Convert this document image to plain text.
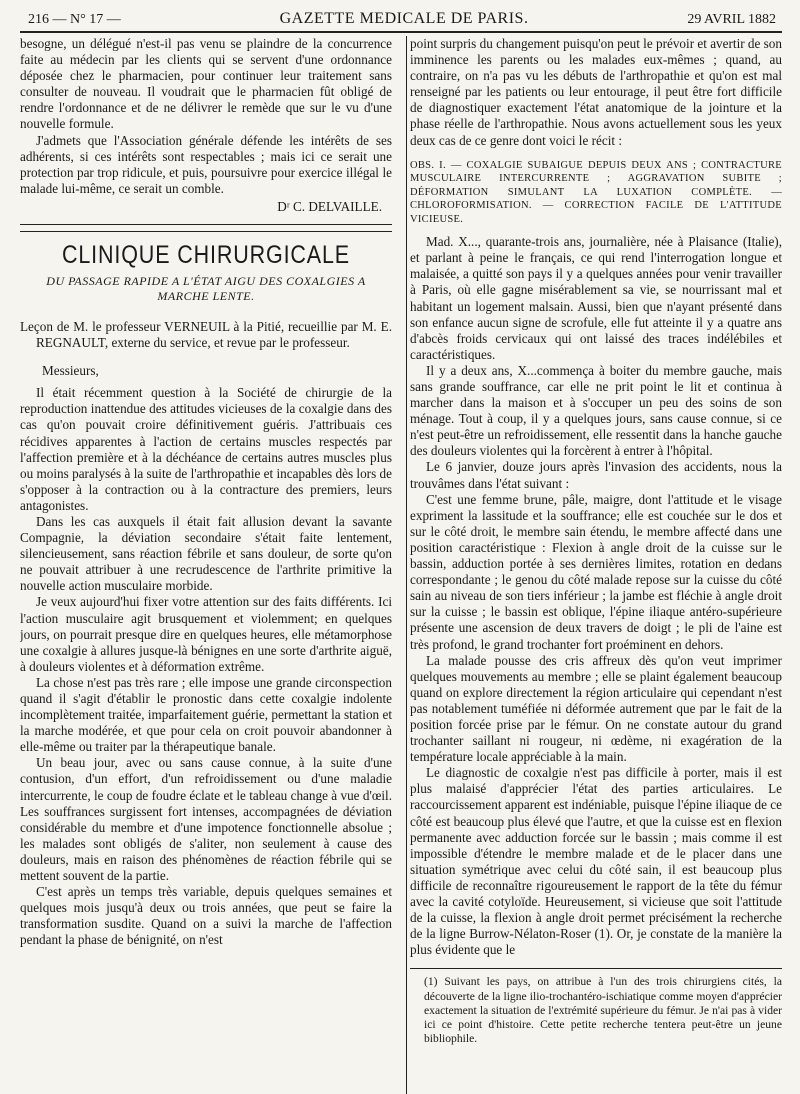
216 — N° 17 —	GAZETTE MEDICALE DE PARIS.	29 AVRIL 1882

besogne, un délégué n'est-il pas venu se plaindre de la concurrence faite au médecin par les clients qui se servent d'une ordonnance déposée chez le pharmacien, pour continuer leur traitement sans consulter de nouveau. Il voudrait que le pharmacien fût obligé de rendre l'ordonnance et de ne délivrer le remède que sur le vu d'une nouvelle formule.

J'admets que l'Association générale défende les intérêts de ses adhérents, si ces intérêts sont respectables ; mais ici ce serait une protection par trop ridicule, et puis, poursuivre pour exercice illégal le malade lui-même, ce serait un comble.

Dʳ C. DELVAILLE.
CLINIQUE CHIRURGICALE
DU PASSAGE RAPIDE A L'ÉTAT AIGU DES COXALGIES A MARCHE LENTE.
Leçon de M. le professeur VERNEUIL à la Pitié, recueillie par M. E. REGNAULT, externe du service, et revue par le professeur.

Messieurs,

Il était récemment question à la Société de chirurgie de la reproduction inattendue des attitudes vicieuses de la coxalgie dans des cas qu'on pouvait croire définitivement guéris. J'attribuais ces récidives apparentes à l'action de certains muscles respectés par l'affection première et à la déchéance de certains autres muscles plus ou moins paralysés à la suite de l'arthropathie et incapables dès lors de s'opposer à la contraction ou à la contracture des premiers, leurs antagonistes.

Dans les cas auxquels il était fait allusion devant la savante Compagnie, la déviation secondaire s'était faite lentement, silencieusement, sans réaction fébrile et sans douleur, de sorte qu'on ne pouvait attribuer à une recrudescence de l'arthrite primitive la nouvelle action musculaire morbide.

Je veux aujourd'hui fixer votre attention sur des faits différents. Ici l'action musculaire agit brusquement et violemment; en quelques jours, on pourrait presque dire en quelques heures, elle métamorphose une coxalgie à allures jusque-là bénignes en une sorte d'arthrite aiguë, à douleurs violentes et à déformation extrême.

La chose n'est pas très rare ; elle impose une grande circonspection quand il s'agit d'établir le pronostic dans cette coxalgie indolente incomplètement traitée, imparfaitement guérie, permettant la station et la marche modérée, et que pour cela on croit pouvoir abandonner à elle-même ou traiter par la thérapeutique banale.

Un beau jour, avec ou sans cause connue, à la suite d'une contusion, d'un effort, d'un refroidissement ou d'une maladie intercurrente, le coup de foudre éclate et le tableau change à vue d'œil. Les souffrances surgissent fort intenses, accompagnées de déviation considérable du membre et d'une impotence fonctionnelle absolue ; les malades sont obligés de s'aliter, non seulement à cause des douleurs, mais en raison des phénomènes de réaction fébrile qui se mettent souvent de la partie.

C'est après un temps très variable, depuis quelques semaines et quelques mois jusqu'à deux ou trois années, que peut se faire la transformation susdite. Quand on a suivi la marche de l'affection pendant la phase de bénignité, on n'est

point surpris du changement puisqu'on peut le prévoir et avertir de son imminence les parents ou les malades eux-mêmes ; quand, au contraire, on n'a pas vu les débuts de l'arthropathie et qu'on est mal renseigné par les patients ou leur entourage, il peut être fort difficile de diagnostiquer exactement l'état anatomique de la jointure et la phase réelle de l'arthropathie. Nous avons actuellement sous les yeux deux cas de ce genre dont voici le récit :

OBS. I. — COXALGIE SUBAIGUE DEPUIS DEUX ANS ; CONTRACTURE MUSCULAIRE INTERCURRENTE ; AGGRAVATION SUBITE ; DÉFORMATION SIMULANT LA LUXATION COMPLÈTE. — CHLOROFORMISATION. — CORRECTION FACILE DE L'ATTITUDE VICIEUSE.

Mad. X..., quarante-trois ans, journalière, née à Plaisance (Italie), et parlant à peine le français, ce qui rend l'interrogation longue et malaisée, a quitté son pays il y a quelques années pour venir travailler à Paris, où elle gagne misérablement sa vie, se nourrissant mal et habitant un logement malsain. Aussi, bien que n'ayant présenté dans son enfance aucun signe de scrofule, elle fut atteinte il y a quatre ans d'abcès froids cervicaux qui ont laissé des traces indélébiles et caractéristiques.

Il y a deux ans, X...commença à boiter du membre gauche, mais sans grande souffrance, car elle ne prit point le lit et continua à marcher dans la maison et à s'occuper un peu des soins de son ménage. Tout à coup, il y a quelques jours, sans cause connue, si ce n'est peut-être un refroidissement, elle ressentit dans la hanche gauche des douleurs violentes qui la forcèrent à entrer à l'hôpital.

Le 6 janvier, douze jours après l'invasion des accidents, nous la trouvâmes dans l'état suivant :

C'est une femme brune, pâle, maigre, dont l'attitude et le visage expriment la lassitude et la souffrance; elle est couchée sur le dos et sur le côté droit, le membre sain étendu, le membre affecté dans une position caractéristique : Flexion à angle droit de la cuisse sur le bassin, adduction portée à ses dernières limites, rotation en dedans correspondante ; le genou du côté malade repose sur la cuisse du côté sain au niveau de son tiers inférieur ; la jambe est fléchie à angle droit sur la cuisse ; le bassin est oblique, l'épine iliaque antéro-supérieure présente une ascension de deux travers de doigt ; le pli de l'aine est très profond, le grand trochanter fort proéminent en dehors.

La malade pousse des cris affreux dès qu'on veut imprimer quelques mouvements au membre ; elle se plaint également beaucoup quand on explore directement la région articulaire qui cependant n'est pas notablement tuméfiée ni déformée autrement que par le fait de la position forcée prise par le fémur. On ne constate autour du grand trochanter saillant ni rougeur, ni œdème, ni exagération de la température locale appréciable à la main.

Le diagnostic de coxalgie n'est pas difficile à porter, mais il est plus malaisé d'apprécier l'état des parties articulaires. Le raccourcissement apparent est indéniable, puisque l'épine iliaque de ce côté est beaucoup plus élevé que l'autre, et que la cuisse est en flexion permanente avec adduction forcée sur le bassin ; mais comme il est impossible d'étendre le membre malade et de le placer dans une situation symétrique avec celui du côté sain, il est beaucoup plus difficile de reconnaître rigoureusement le rapport de la tête du fémur avec la cavité cotyloïde. Heureusement, si vicieuse que soit l'attitude de la cuisse, la flexion à angle droit permet précisément la recherche de la ligne Burrow-Nélaton-Roser (1). Or, je constate de la manière la plus évidente que le

(1) Suivant les pays, on attribue à l'un des trois chirurgiens cités, la découverte de la ligne ilio-trochantéro-ischiatique comme moyen d'apprécier exactement la situation de l'extrémité supérieure du fémur. Je n'ai pas à vider ici ce point d'histoire. Cette petite recherche tentera peut-être un jeune bibliophile.
